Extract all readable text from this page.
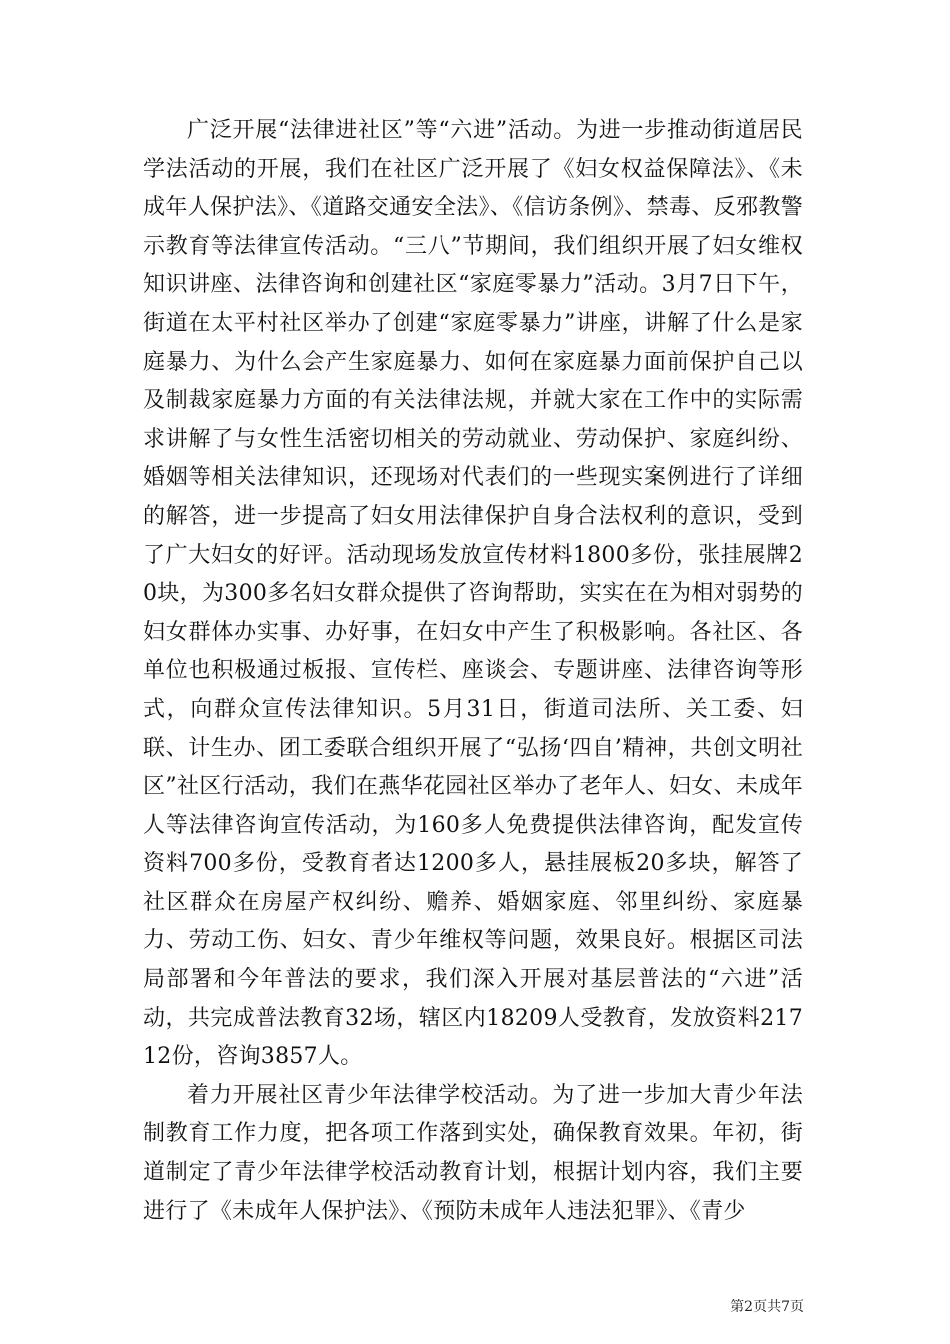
广泛开展“法律进社区”等“六进”活动。为进一步推动街道居民学法活动的开展，我们在社区广泛开展了《妇女权益保障法》、《未成年人保护法》、《道路交通安全法》、《信访条例》、禁毒、反邪教警示教育等法律宣传活动。“三八”节期间，我们组织开展了妇女维权知识讲座、法律咨询和创建社区“家庭零暴力”活动。3月7日下午，街道在太平村社区举办了创建“家庭零暴力”讲座，讲解了什么是家庭暴力、为什么会产生家庭暴力、如何在家庭暴力面前保护自己以及制裁家庭暴力方面的有关法律法规，并就大家在工作中的实际需求讲解了与女性生活密切相关的劳动就业、劳动保护、家庭纠纷、婚姻等相关法律知识，还现场对代表们的一些现实案例进行了详细的解答，进一步提高了妇女用法律保护自身合法权利的意识，受到了广大妇女的好评。活动现场发放宣传材料1800多份，张挂展牌20块，为300多名妇女群众提供了咨询帮助，实实在在为相对弱势的妇女群体办实事、办好事，在妇女中产生了积极影响。各社区、各单位也积极通过板报、宣传栏、座谈会、专题讲座、法律咨询等形式，向群众宣传法律知识。5月31日，街道司法所、关工委、妇联、计生办、团工委联合组织开展了“弘扬‘四自’精神，共创文明社区”社区行活动，我们在燕华花园社区举办了老年人、妇女、未成年人等法律咨询宣传活动，为160多人免费提供法律咨询，配发宣传资料700多份，受教育者达1200多人，悬挂展板20多块，解答了社区群众在房屋产权纠纷、赡养、婚姻家庭、邻里纠纷、家庭暴力、劳动工伤、妇女、青少年维权等问题，效果良好。根据区司法局部署和今年普法的要求，我们深入开展对基层普法的“六进”活动，共完成普法教育32场，辖区内18209人受教育，发放资料21712份，咨询3857人。

着力开展社区青少年法律学校活动。为了进一步加大青少年法制教育工作力度，把各项工作落到实处，确保教育效果。年初，街道制定了青少年法律学校活动教育计划，根据计划内容，我们主要进行了《未成年人保护法》、《预防未成年人违法犯罪》、《青少

第2页共7页
